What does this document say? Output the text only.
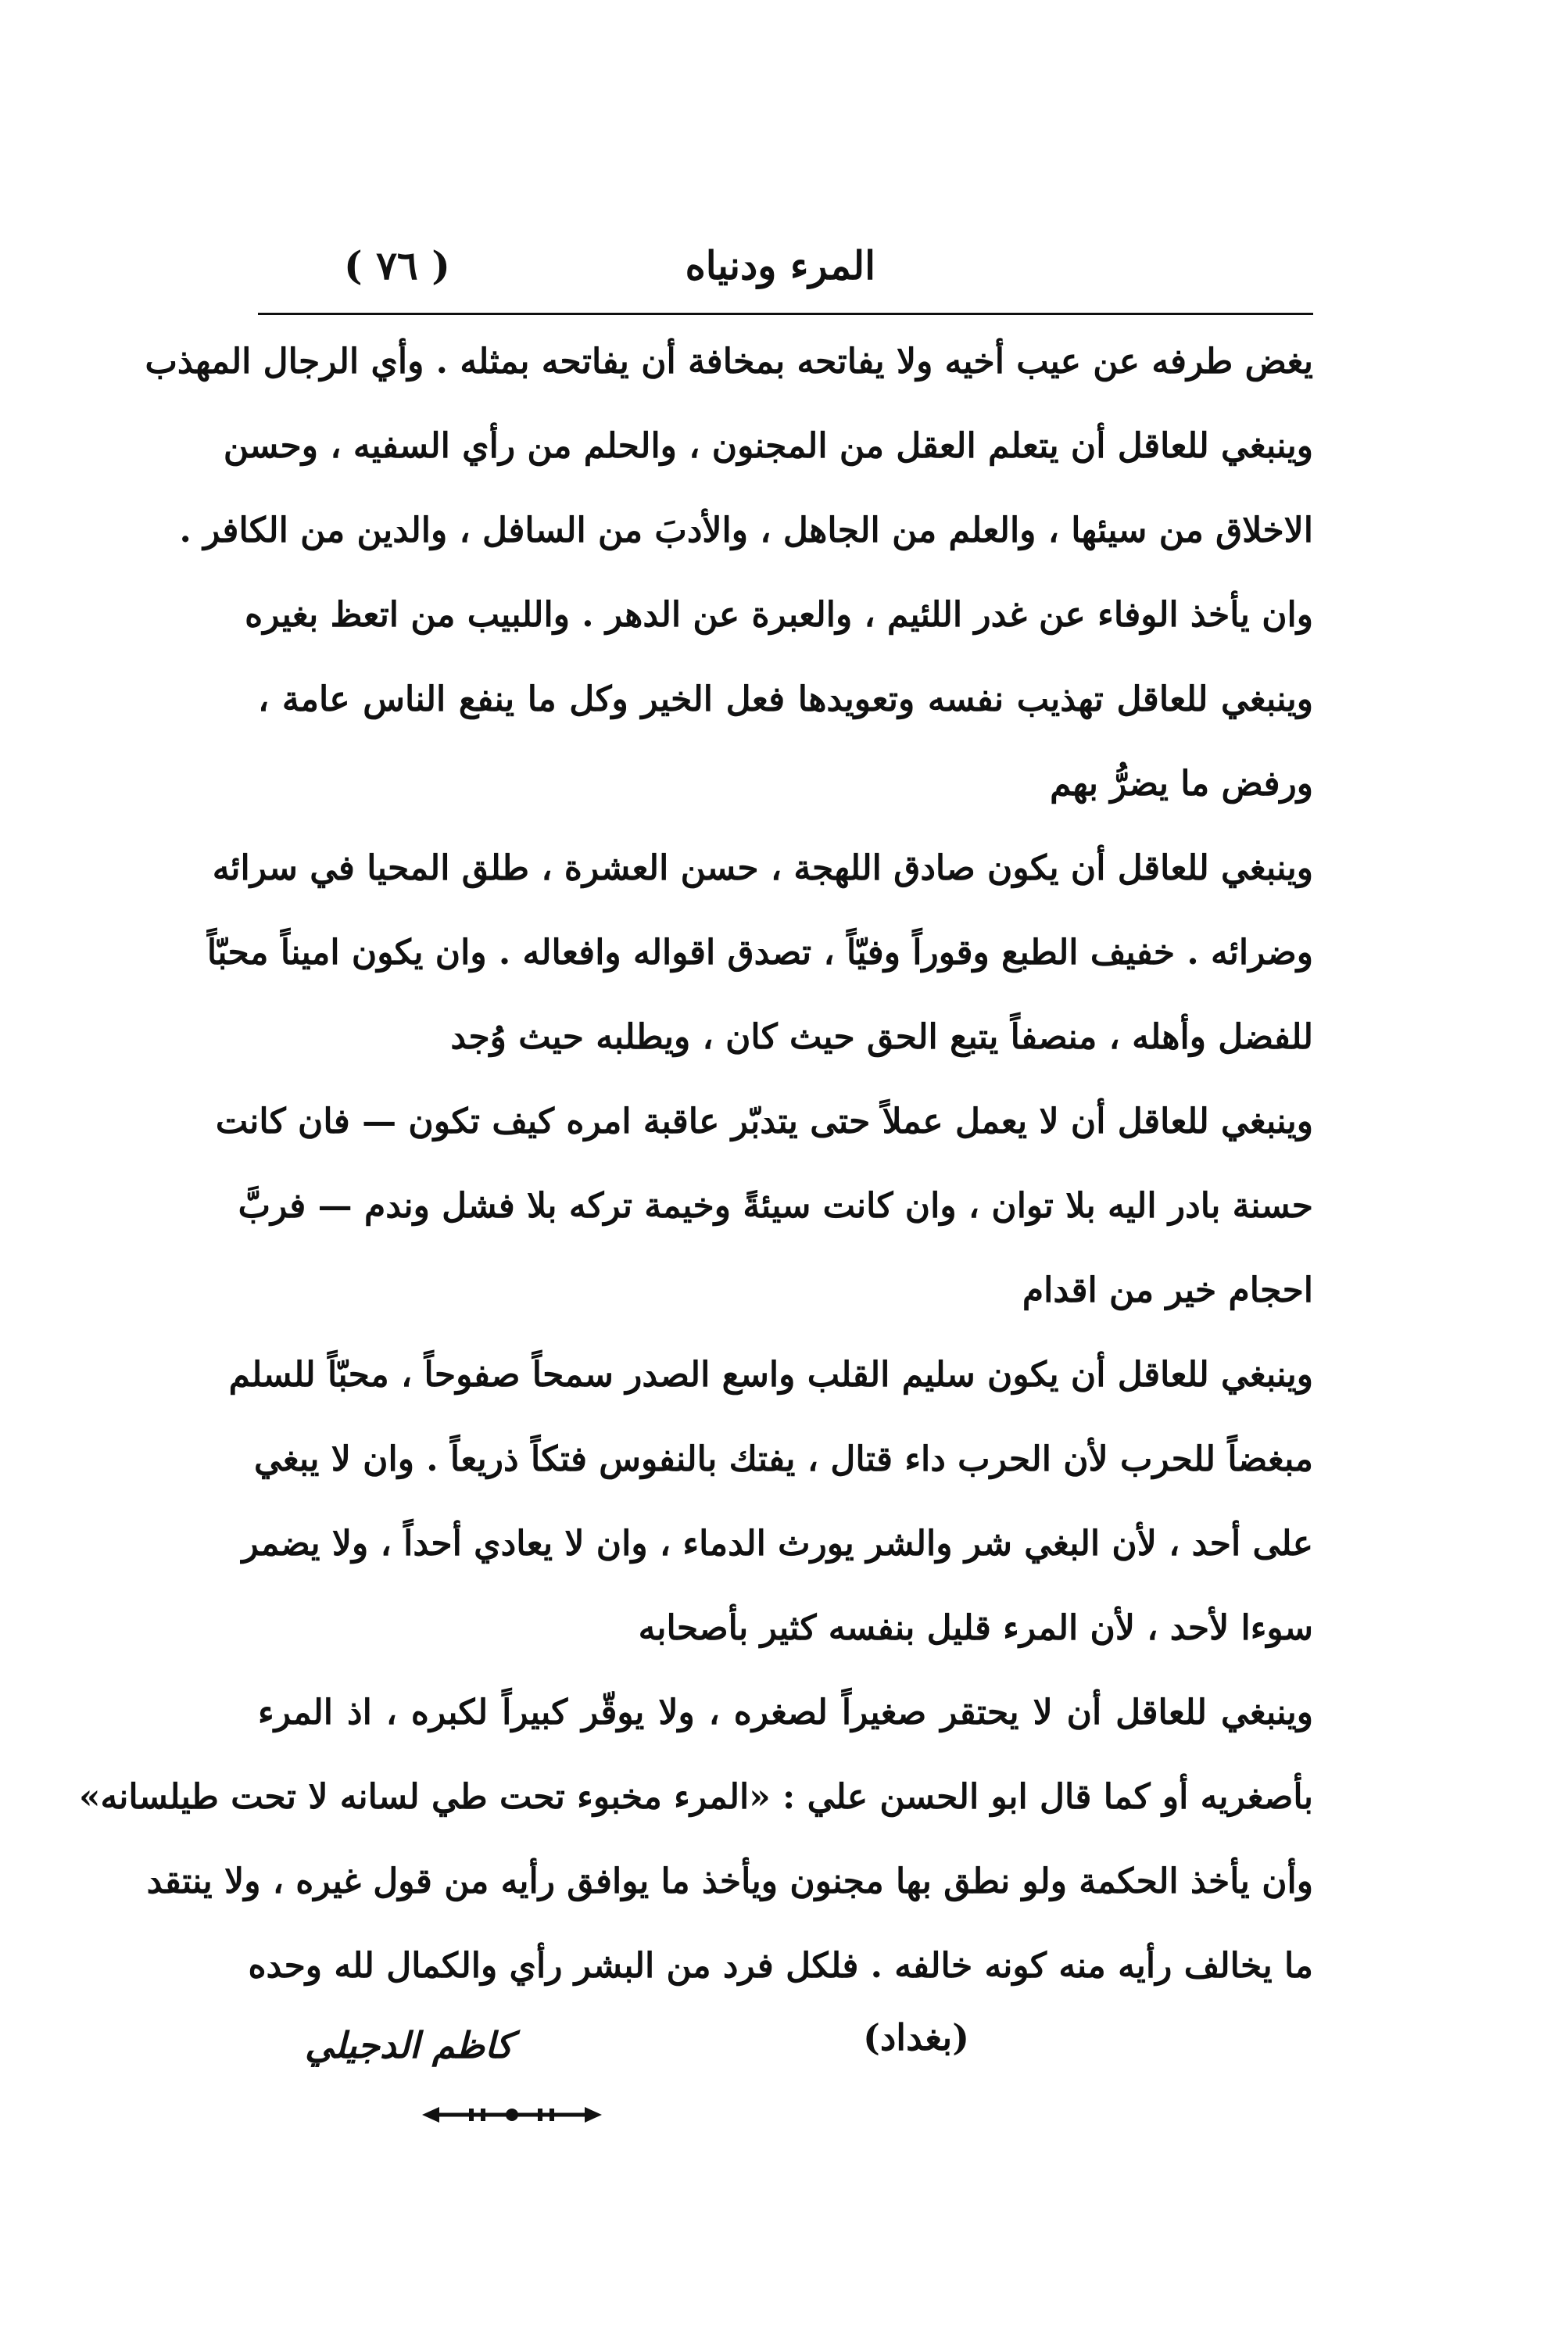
المرء ودنياه
( ٧٦ )
يغض طرفه عن عيب أخيه ولا يفاتحه بمخافة أن يفاتحه بمثله . وأي الرجال المهذب
وينبغي للعاقل أن يتعلم العقل من المجنون ، والحلم من رأي السفيه ، وحسن
الاخلاق من سيئها ، والعلم من الجاهل ، والأدبَ من السافل ، والدين من الكافر .
وان يأخذ الوفاء عن غدر اللئيم ، والعبرة عن الدهر . واللبيب من اتعظ بغيره
وينبغي للعاقل تهذيب نفسه وتعويدها فعل الخير وكل ما ينفع الناس عامة ،
ورفض ما يضرُّ بهم
وينبغي للعاقل أن يكون صادق اللهجة ، حسن العشرة ، طلق المحيا في سرائه
وضرائه . خفيف الطبع وقوراً وفيّاً ، تصدق اقواله وافعاله . وان يكون اميناً محبّاً
للفضل وأهله ، منصفاً يتبع الحق حيث كان ، ويطلبه حيث وُجد
وينبغي للعاقل أن لا يعمل عملاً حتى يتدبّر عاقبة امره كيف تكون — فان كانت
حسنة بادر اليه بلا توان ، وان كانت سيئةً وخيمة تركه بلا فشل وندم — فربَّ
احجام خير من اقدام
وينبغي للعاقل أن يكون سليم القلب واسع الصدر سمحاً صفوحاً ، محبّاً للسلم
مبغضاً للحرب لأن الحرب داء قتال ، يفتك بالنفوس فتكاً ذريعاً . وان لا يبغي
على أحد ، لأن البغي شر والشر يورث الدماء ، وان لا يعادي أحداً ، ولا يضمر
سوءا لأحد ، لأن المرء قليل بنفسه كثير بأصحابه
وينبغي للعاقل أن لا يحتقر صغيراً لصغره ، ولا يوقّر كبيراً لكبره ، اذ المرء
بأصغريه أو كما قال ابو الحسن علي : «المرء مخبوء تحت طي لسانه لا تحت طيلسانه»
وأن يأخذ الحكمة ولو نطق بها مجنون ويأخذ ما يوافق رأيه من قول غيره ، ولا ينتقد
ما يخالف رأيه منه كونه خالفه . فلكل فرد من البشر رأي والكمال لله وحده
(بغداد)
كاظم الدجيلي
